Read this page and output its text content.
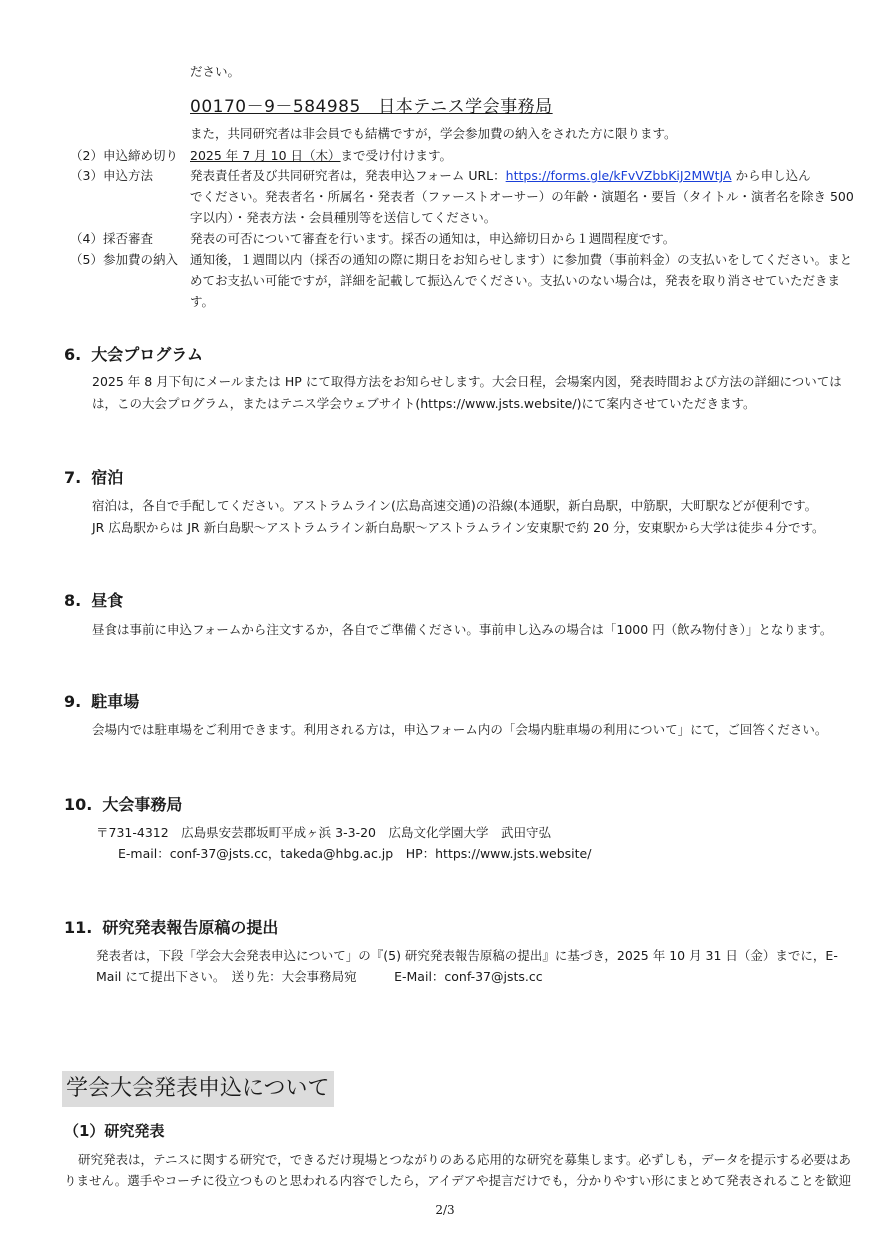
ださい。
00170－9－584985　日本テニス学会事務局
また，共同研究者は非会員でも結構ですが，学会参加費の納入をされた方に限ります。
（2）申込締め切り 2025 年 7 月 10 日（木）まで受け付けます。
（3）申込方法	発表責任者及び共同研究者は，発表申込フォーム URL：https://forms.gle/kFvVZbbKiJ2MWtJA から申し込ん
でください。発表者名・所属名・発表者（ファーストオーサー）の年齢・演題名・要旨（タイトル・演者名を除き 500
字以内）・発表方法・会員種別等を送信してください。
（4）採否審査	発表の可否について審査を行います。採否の通知は，申込締切日から１週間程度です。
（5）参加費の納入 通知後，１週間以内（採否の通知の際に期日をお知らせします）に参加費（事前料金）の支払いをしてください。まと
めてお支払い可能ですが，詳細を記載して振込んでください。支払いのない場合は，発表を取り消させていただきま
す。
6. 大会プログラム
2025 年 8 月下旬にメールまたは HP にて取得方法をお知らせします。大会日程，会場案内図，発表時間および方法の詳細については
は，この大会プログラム，またはテニス学会ウェブサイト(https://www.jsts.website/)にて案内させていただきます。
7. 宿泊
宿泊は，各自で手配してください。アストラムライン(広島高速交通)の沿線(本通駅，新白島駅，中筋駅，大町駅などが便利です。
JR 広島駅からは JR 新白島駅～アストラムライン新白島駅～アストラムライン安東駅で約 20 分，安東駅から大学は徒歩４分です。
8. 昼食
昼食は事前に申込フォームから注文するか，各自でご準備ください。事前申し込みの場合は「1000 円（飲み物付き）」となります。
9. 駐車場
会場内では駐車場をご利用できます。利用される方は，申込フォーム内の「会場内駐車場の利用について」にて，ご回答ください。
10. 大会事務局
〒731-4312　広島県安芸郡坂町平成ヶ浜 3-3-20　広島文化学園大学　武田守弘
E-mail：conf-37@jsts.cc，takeda@hbg.ac.jp　HP：https://www.jsts.website/
11. 研究発表報告原稿の提出
発表者は，下段「学会大会発表申込について」の『(5) 研究発表報告原稿の提出』に基づき，2025 年 10 月 31 日（金）までに，E-
Mail にて提出下さい。　送り先：大会事務局宛　　　E-Mail：conf-37@jsts.cc
学会大会発表申込について
（1）研究発表
研究発表は，テニスに関する研究で，できるだけ現場とつながりのある応用的な研究を募集します。必ずしも，データを提示する必要はあ
りません。選手やコーチに役立つものと思われる内容でしたら，アイデアや提言だけでも，分かりやすい形にまとめて発表されることを歓迎
2/3
